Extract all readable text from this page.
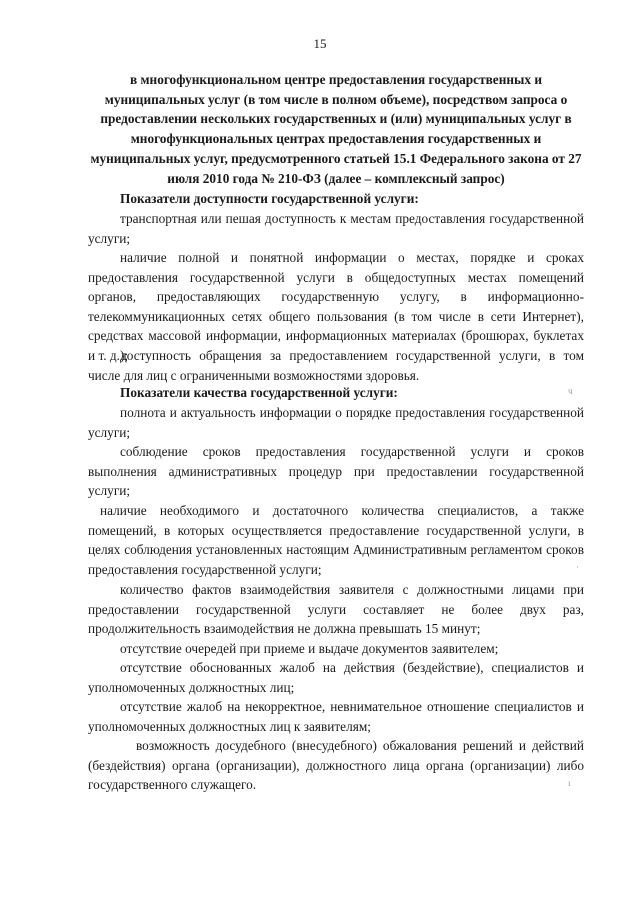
15
в многофункциональном центре предоставления государственных и муниципальных услуг (в том числе в полном объеме), посредством запроса о предоставлении нескольких государственных и (или) муниципальных услуг в многофункциональных центрах предоставления государственных и муниципальных услуг, предусмотренного статьей 15.1 Федерального закона от 27 июля 2010 года № 210-ФЗ (далее – комплексный запрос)
Показатели доступности государственной услуги:
транспортная или пешая доступность к местам предоставления государственной услуги;
наличие полной и понятной информации о местах, порядке и сроках предоставления государственной услуги в общедоступных местах помещений органов, предоставляющих государственную услугу, в информационно-телекоммуникационных сетях общего пользования (в том числе в сети Интернет), средствах массовой информации, информационных материалах (брошюрах, буклетах и т. д.);
доступность обращения за предоставлением государственной услуги, в том числе для лиц с ограниченными возможностями здоровья.
Показатели качества государственной услуги:
полнота и актуальность информации о порядке предоставления государственной услуги;
соблюдение сроков предоставления государственной услуги и сроков выполнения административных процедур при предоставлении государственной услуги;
наличие необходимого и достаточного количества специалистов, а также помещений, в которых осуществляется предоставление государственной услуги, в целях соблюдения установленных настоящим Административным регламентом сроков предоставления государственной услуги;
количество фактов взаимодействия заявителя с должностными лицами при предоставлении государственной услуги составляет не более двух раз, продолжительность взаимодействия не должна превышать 15 минут;
отсутствие очередей при приеме и выдаче документов заявителем;
отсутствие обоснованных жалоб на действия (бездействие), специалистов и уполномоченных должностных лиц;
отсутствие жалоб на некорректное, невнимательное отношение специалистов и уполномоченных должностных лиц к заявителям;
возможность досудебного (внесудебного) обжалования решений и действий (бездействия) органа (организации), должностного лица органа (организации) либо государственного служащего.
ч
·
ı
